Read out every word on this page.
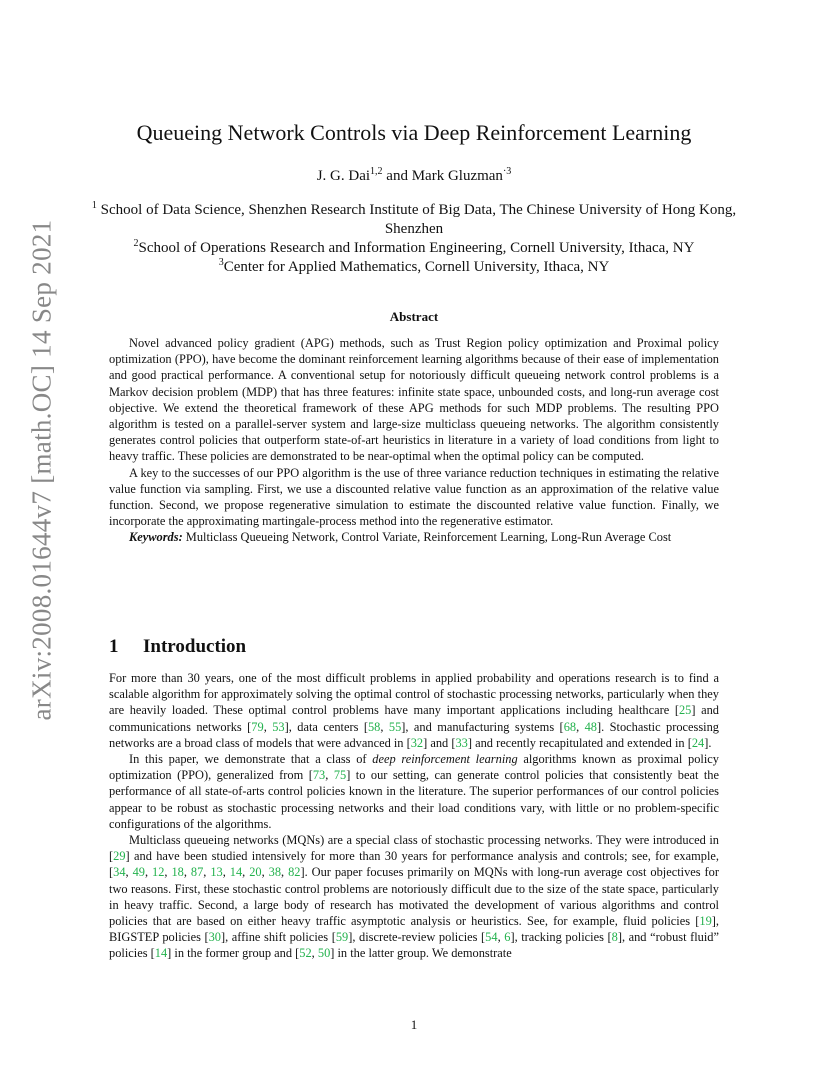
arXiv:2008.01644v7 [math.OC] 14 Sep 2021
Queueing Network Controls via Deep Reinforcement Learning
J. G. Dai$^{1,2}$ and Mark Gluzman$^{\cdot 3}$
$^1$ School of Data Science, Shenzhen Research Institute of Big Data, The Chinese University of Hong Kong, Shenzhen
$^2$School of Operations Research and Information Engineering, Cornell University, Ithaca, NY
$^3$Center for Applied Mathematics, Cornell University, Ithaca, NY
Abstract

Novel advanced policy gradient (APG) methods, such as Trust Region policy optimization and Proximal policy optimization (PPO), have become the dominant reinforcement learning algorithms because of their ease of implementation and good practical performance. A conventional setup for notoriously difficult queueing network control problems is a Markov decision problem (MDP) that has three features: infinite state space, unbounded costs, and long-run average cost objective. We extend the theoretical framework of these APG methods for such MDP problems. The resulting PPO algorithm is tested on a parallel-server system and large-size multiclass queueing networks. The algorithm consistently generates control policies that outperform state-of-art heuristics in literature in a variety of load conditions from light to heavy traffic. These policies are demonstrated to be near-optimal when the optimal policy can be computed.

A key to the successes of our PPO algorithm is the use of three variance reduction techniques in estimating the relative value function via sampling. First, we use a discounted relative value function as an approximation of the relative value function. Second, we propose regenerative simulation to estimate the discounted relative value function. Finally, we incorporate the approximating martingale-process method into the regenerative estimator.

Keywords: Multiclass Queueing Network, Control Variate, Reinforcement Learning, Long-Run Average Cost

1 Introduction

For more than 30 years, one of the most difficult problems in applied probability and operations research is to find a scalable algorithm for approximately solving the optimal control of stochastic processing networks, particularly when they are heavily loaded. These optimal control problems have many important applications including healthcare [25] and communications networks [79, 53], data centers [58, 55], and manufacturing systems [68, 48]. Stochastic processing networks are a broad class of models that were advanced in [32] and [33] and recently recapitulated and extended in [24].

In this paper, we demonstrate that a class of deep reinforcement learning algorithms known as proximal policy optimization (PPO), generalized from [73, 75] to our setting, can generate control policies that consistently beat the performance of all state-of-arts control policies known in the literature. The superior performances of our control policies appear to be robust as stochastic processing networks and their load conditions vary, with little or no problem-specific configurations of the algorithms.

Multiclass queueing networks (MQNs) are a special class of stochastic processing networks. They were introduced in [29] and have been studied intensively for more than 30 years for performance analysis and controls; see, for example, [34, 49, 12, 18, 87, 13, 14, 20, 38, 82]. Our paper focuses primarily on MQNs with long-run average cost objectives for two reasons. First, these stochastic control problems are notoriously difficult due to the size of the state space, particularly in heavy traffic. Second, a large body of research has motivated the development of various algorithms and control policies that are based on either heavy traffic asymptotic analysis or heuristics. See, for example, fluid policies [19], BIGSTEP policies [30], affine shift policies [59], discrete-review policies [54, 6], tracking policies [8], and “robust fluid” policies [14] in the former group and [52, 50] in the latter group. We demonstrate

1
